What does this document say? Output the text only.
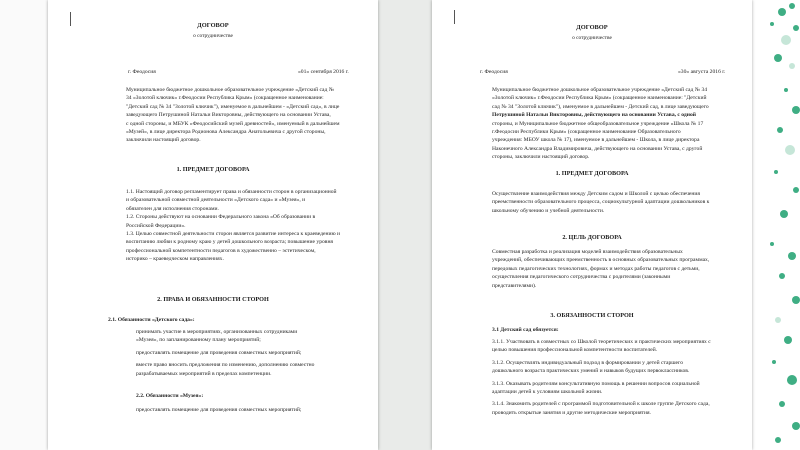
ДОГОВОР
о сотрудничестве
г. Феодосия	«01» сентября 2016 г.
Муниципальное бюджетное дошкольное образовательное учреждение «Детский сад №
34 «Золотой ключик» г.Феодосии Республика Крым» (сокращенное наименование:
"Детский сад № 34 "Золотой ключик"), именуемое в дальнейшем - «Детский сад», в лице
заведующего Петрушиной Натальи Викторовны, действующего на основании Устава,
с одной стороны, и МБУК «Феодосийский музей древностей», именуемый в дальнейшем
«Музей», в лице директора Родионова Александра Анатольевича с другой стороны,
заключили настоящий договор.
1. ПРЕДМЕТ ДОГОВОРА
1.1. Настоящий договор регламентирует права и обязанности сторон в организационной
и образовательной совместной деятельности «Детского сада» и «Музея», и
обязателен для исполнения сторонами.
1.2. Стороны действуют на основании Федерального закона «Об образовании в
Российской Федерации».
1.3. Целью совместной деятельности сторон является развитие интереса к краеведению и
воспитанию любви к родному краю у детей дошкольного возраста; повышение уровня
профессиональной компетентности педагогов в художественно – эстетическом,
историко – краеведческом направлениях.
2. ПРАВА И ОБЯЗАННОСТИ СТОРОН
2.1. Обязанности «Детского сада»:
принимать участие в мероприятиях, организованных сотрудниками
«Музея», по запланированному плану мероприятий;
предоставлять помещение для проведения совместных мероприятий;
вместе правo вносить предложения по изменению, дополнению совместно
разрабатываемых мероприятий в пределах компетенции.
2.2. Обязанности «Музея»:
предоставлять помещение для проведения совместных мероприятий;
ДОГОВОР
о сотрудничестве
г. Феодосия	«30» августа 2016 г.
Муниципальное бюджетное дошкольное образовательное учреждение «Детский сад № 34
«Золотой ключик» г.Феодосии Республика Крым» (сокращенное наименование: "Детский
сад № 34 "Золотой ключик"), именуемое в дальнейшем - Детский сад, в лице заведующего
Петрушиной Натальи Викторовны, действующего на основании Устава, с одной
стороны, и Муниципальное бюджетное общеобразовательное учреждение «Школа № 17
г.Феодосии Республики Крым» (сокращенное наименование Образовательного
учреждения: МБОУ школа № 17), именуемое в дальнейшем - Школа, в лице директора
Наконечного Александра Владимировича, действующего на основании Устава, с другой
стороны, заключили настоящий договор.
1. ПРЕДМЕТ ДОГОВОРА
Осуществление взаимодействия между Детским садом и Школой с целью обеспечения
преемственности образовательного процесса, социокультурной адаптации дошкольников к
школьному обучению и учебной деятельности.
2. ЦЕЛЬ ДОГОВОРА
Совместная разработка и реализация моделей взаимодействия образовательных
учреждений, обеспечивающих преемственность в основных образовательных программах,
передовых педагогических технологиях, формах и методах работы педагогов с детьми,
осуществления педагогического сотрудничества с родителями (законными
представителями).
3. ОБЯЗАННОСТИ СТОРОН
3.1 Детский сад обязуется:
3.1.1. Участвовать в совместных со Школой теоретических и практических мероприятиях с
целью повышения профессиональной компетентности воспитателей.
3.1.2. Осуществлять индивидуальный подход в формировании у детей старшего
дошкольного возраста практических умений и навыков будущих первоклассников.
3.1.3. Оказывать родителям консультативную помощь в решении вопросов социальной
адаптации детей к условиям школьной жизни.
3.1.4. Знакомить родителей с программой подготовительной к школе группе Детского сада,
проводить открытые занятия и другие методические мероприятия.
